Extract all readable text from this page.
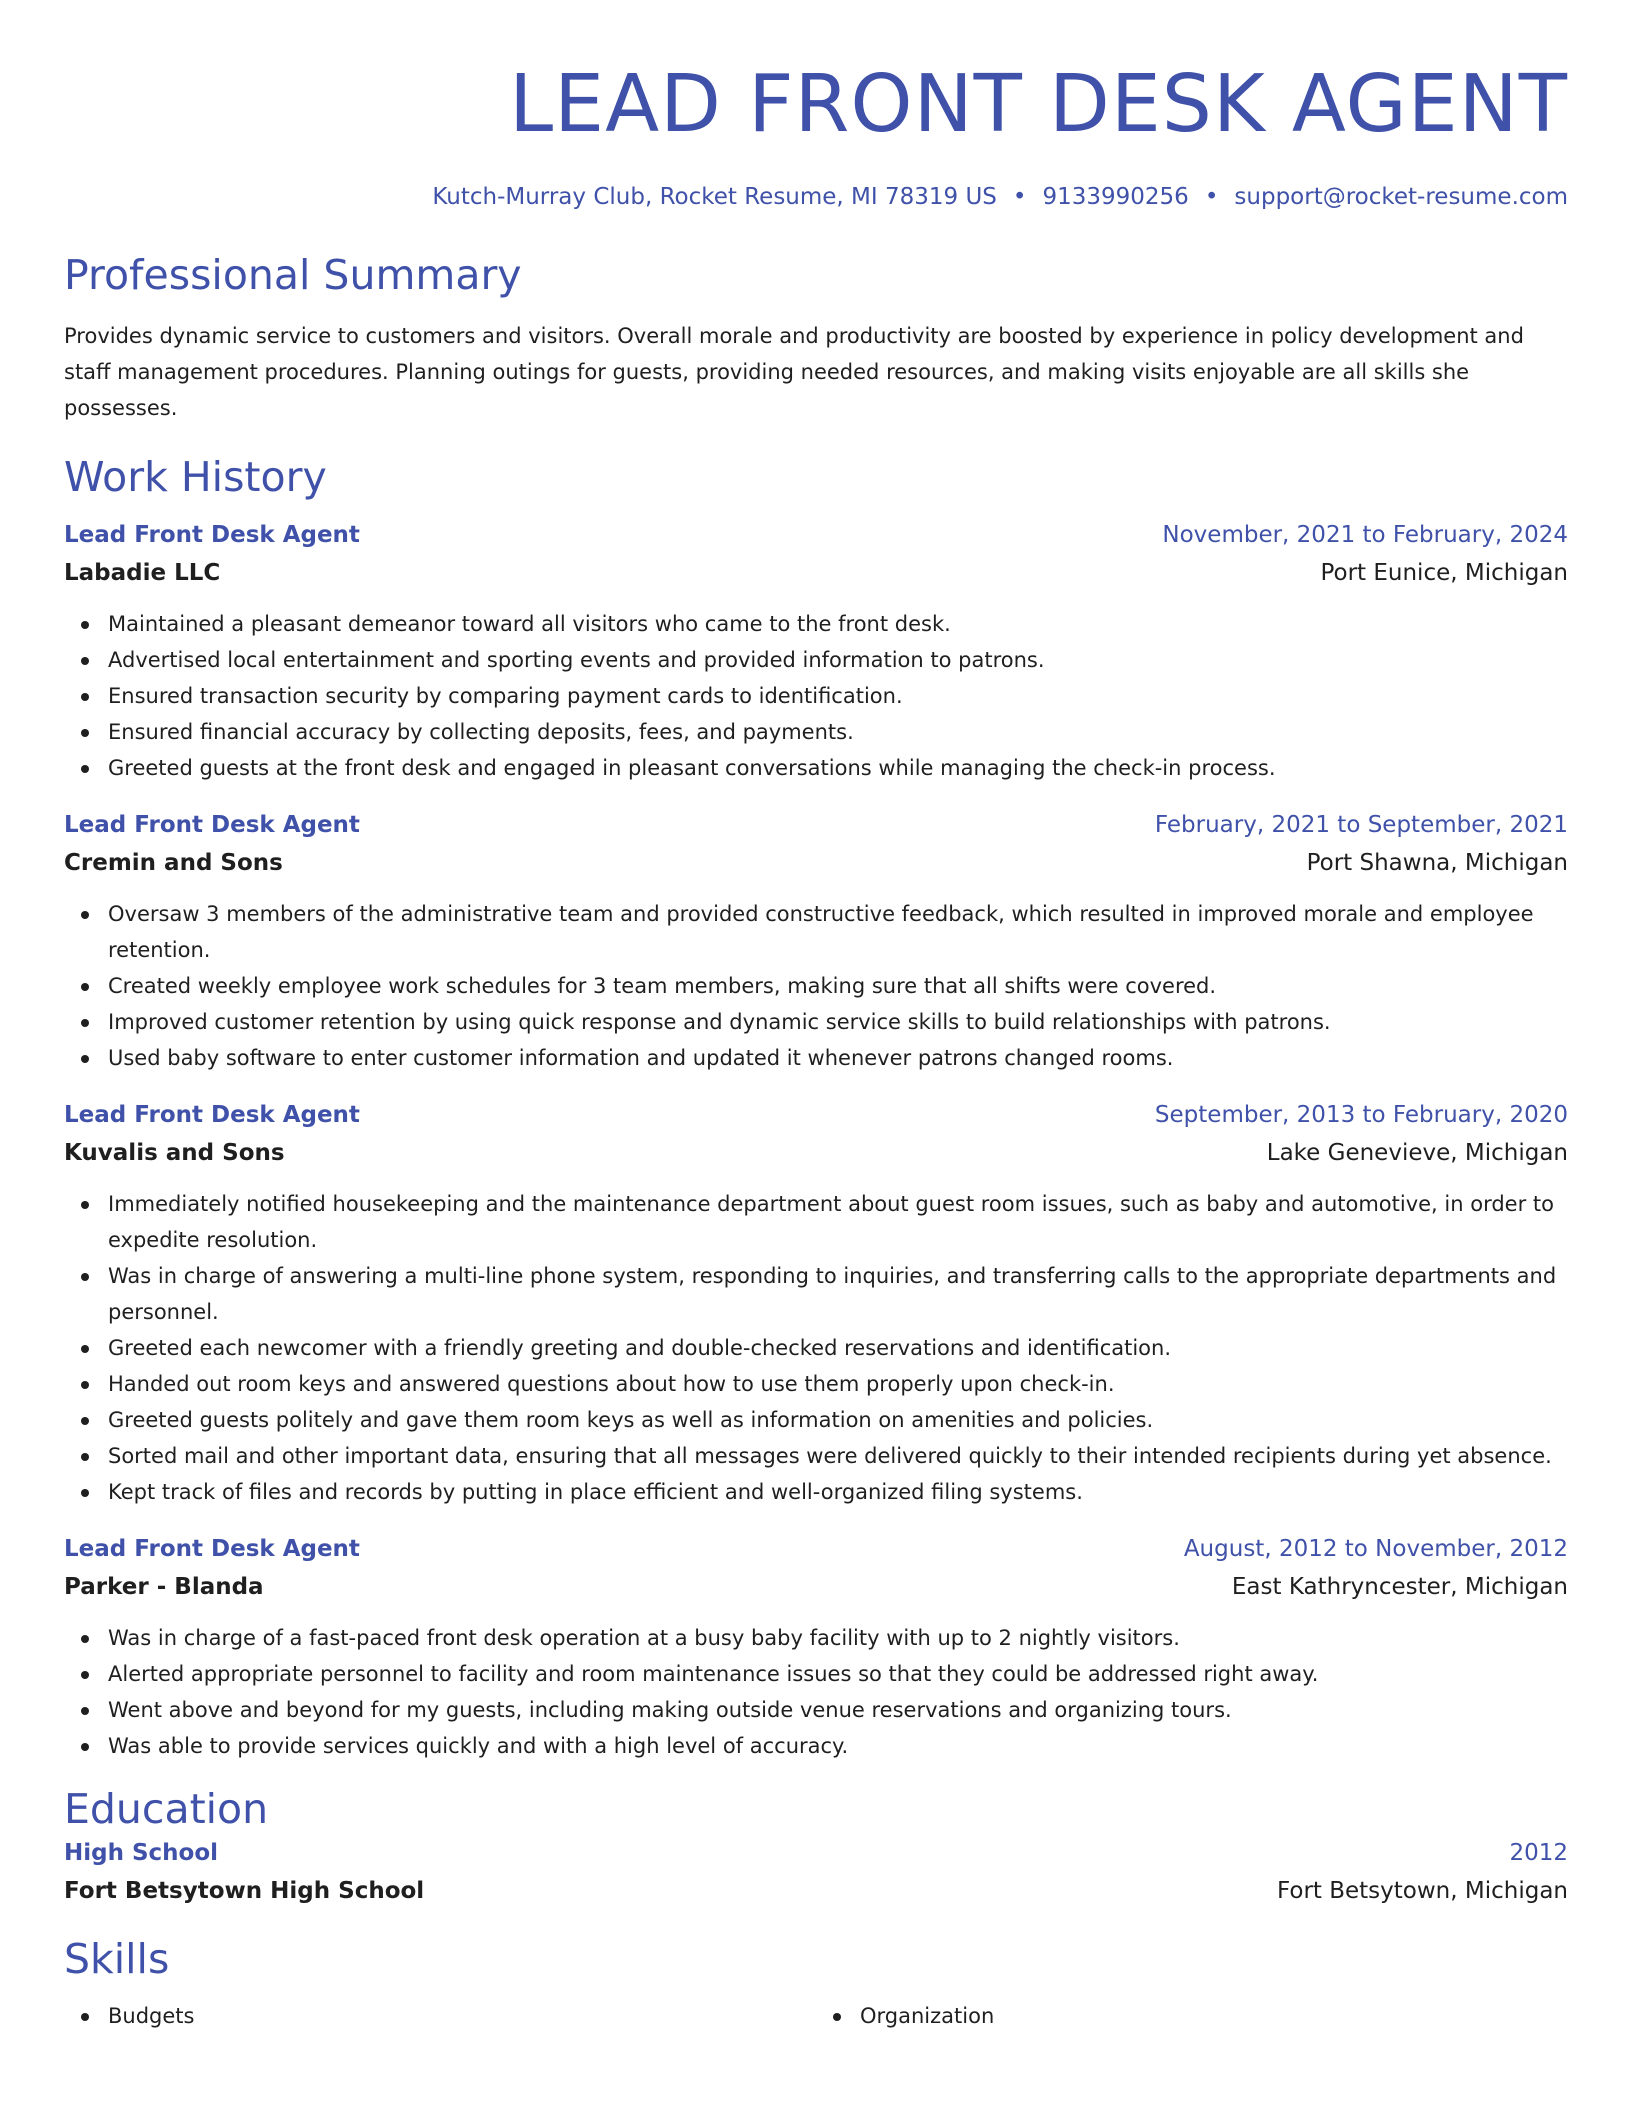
LEAD FRONT DESK AGENT
Kutch-Murray Club, Rocket Resume, MI 78319 US • 9133990256 • support@rocket-resume.com
Professional Summary

Provides dynamic service to customers and visitors. Overall morale and productivity are boosted by experience in policy development and staff management procedures. Planning outings for guests, providing needed resources, and making visits enjoyable are all skills she possesses.

Work History
Lead Front Desk Agent	November, 2021 to February, 2024
Labadie LLC	Port Eunice, Michigan
Maintained a pleasant demeanor toward all visitors who came to the front desk.
Advertised local entertainment and sporting events and provided information to patrons.
Ensured transaction security by comparing payment cards to identification.
Ensured financial accuracy by collecting deposits, fees, and payments.
Greeted guests at the front desk and engaged in pleasant conversations while managing the check-in process.
Lead Front Desk Agent	February, 2021 to September, 2021
Cremin and Sons	Port Shawna, Michigan
Oversaw 3 members of the administrative team and provided constructive feedback, which resulted in improved morale and employee retention.
Created weekly employee work schedules for 3 team members, making sure that all shifts were covered.
Improved customer retention by using quick response and dynamic service skills to build relationships with patrons.
Used baby software to enter customer information and updated it whenever patrons changed rooms.
Lead Front Desk Agent	September, 2013 to February, 2020
Kuvalis and Sons	Lake Genevieve, Michigan
Immediately notified housekeeping and the maintenance department about guest room issues, such as baby and automotive, in order to expedite resolution.
Was in charge of answering a multi-line phone system, responding to inquiries, and transferring calls to the appropriate departments and personnel.
Greeted each newcomer with a friendly greeting and double-checked reservations and identification.
Handed out room keys and answered questions about how to use them properly upon check-in.
Greeted guests politely and gave them room keys as well as information on amenities and policies.
Sorted mail and other important data, ensuring that all messages were delivered quickly to their intended recipients during yet absence.
Kept track of files and records by putting in place efficient and well-organized filing systems.
Lead Front Desk Agent	August, 2012 to November, 2012
Parker - Blanda	East Kathryncester, Michigan
Was in charge of a fast-paced front desk operation at a busy baby facility with up to 2 nightly visitors.
Alerted appropriate personnel to facility and room maintenance issues so that they could be addressed right away.
Went above and beyond for my guests, including making outside venue reservations and organizing tours.
Was able to provide services quickly and with a high level of accuracy.
Education
High School	2012
Fort Betsytown High School	Fort Betsytown, Michigan
Skills
Budgets	Organization
